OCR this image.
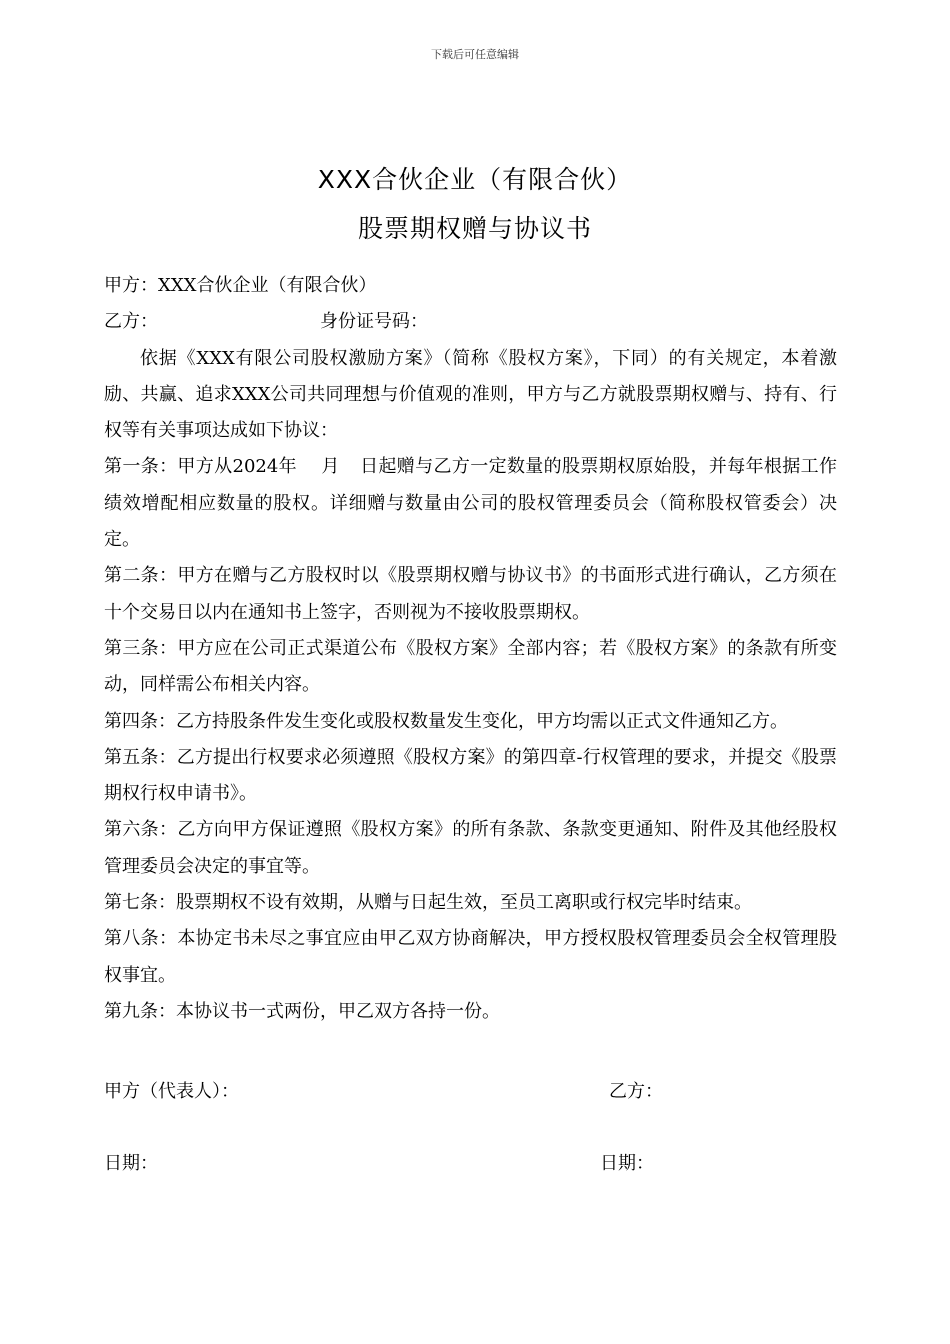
下载后可任意编辑
XXX合伙企业（有限合伙）
股票期权赠与协议书

甲方：XXX合伙企业（有限合伙）

乙方：	身份证号码：

依据《XXX有限公司股权激励方案》（简称《股权方案》，下同）的有关规定，本着激励、共赢、追求XXX公司共同理想与价值观的准则，甲方与乙方就股票期权赠与、持有、行权等有关事项达成如下协议：

第一条：甲方从2024年 月 日起赠与乙方一定数量的股票期权原始股，并每年根据工作绩效增配相应数量的股权。详细赠与数量由公司的股权管理委员会（简称股权管委会）决定。

第二条：甲方在赠与乙方股权时以《股票期权赠与协议书》的书面形式进行确认，乙方须在十个交易日以内在通知书上签字，否则视为不接收股票期权。

第三条：甲方应在公司正式渠道公布《股权方案》全部内容；若《股权方案》的条款有所变动，同样需公布相关内容。

第四条：乙方持股条件发生变化或股权数量发生变化，甲方均需以正式文件通知乙方。

第五条：乙方提出行权要求必须遵照《股权方案》的第四章-行权管理的要求，并提交《股票期权行权申请书》。

第六条：乙方向甲方保证遵照《股权方案》的所有条款、条款变更通知、附件及其他经股权管理委员会决定的事宜等。

第七条：股票期权不设有效期，从赠与日起生效，至员工离职或行权完毕时结束。

第八条：本协定书未尽之事宜应由甲乙双方协商解决，甲方授权股权管理委员会全权管理股权事宜。

第九条：本协议书一式两份，甲乙双方各持一份。

甲方（代表人）：	乙方：
日期：	日期：
